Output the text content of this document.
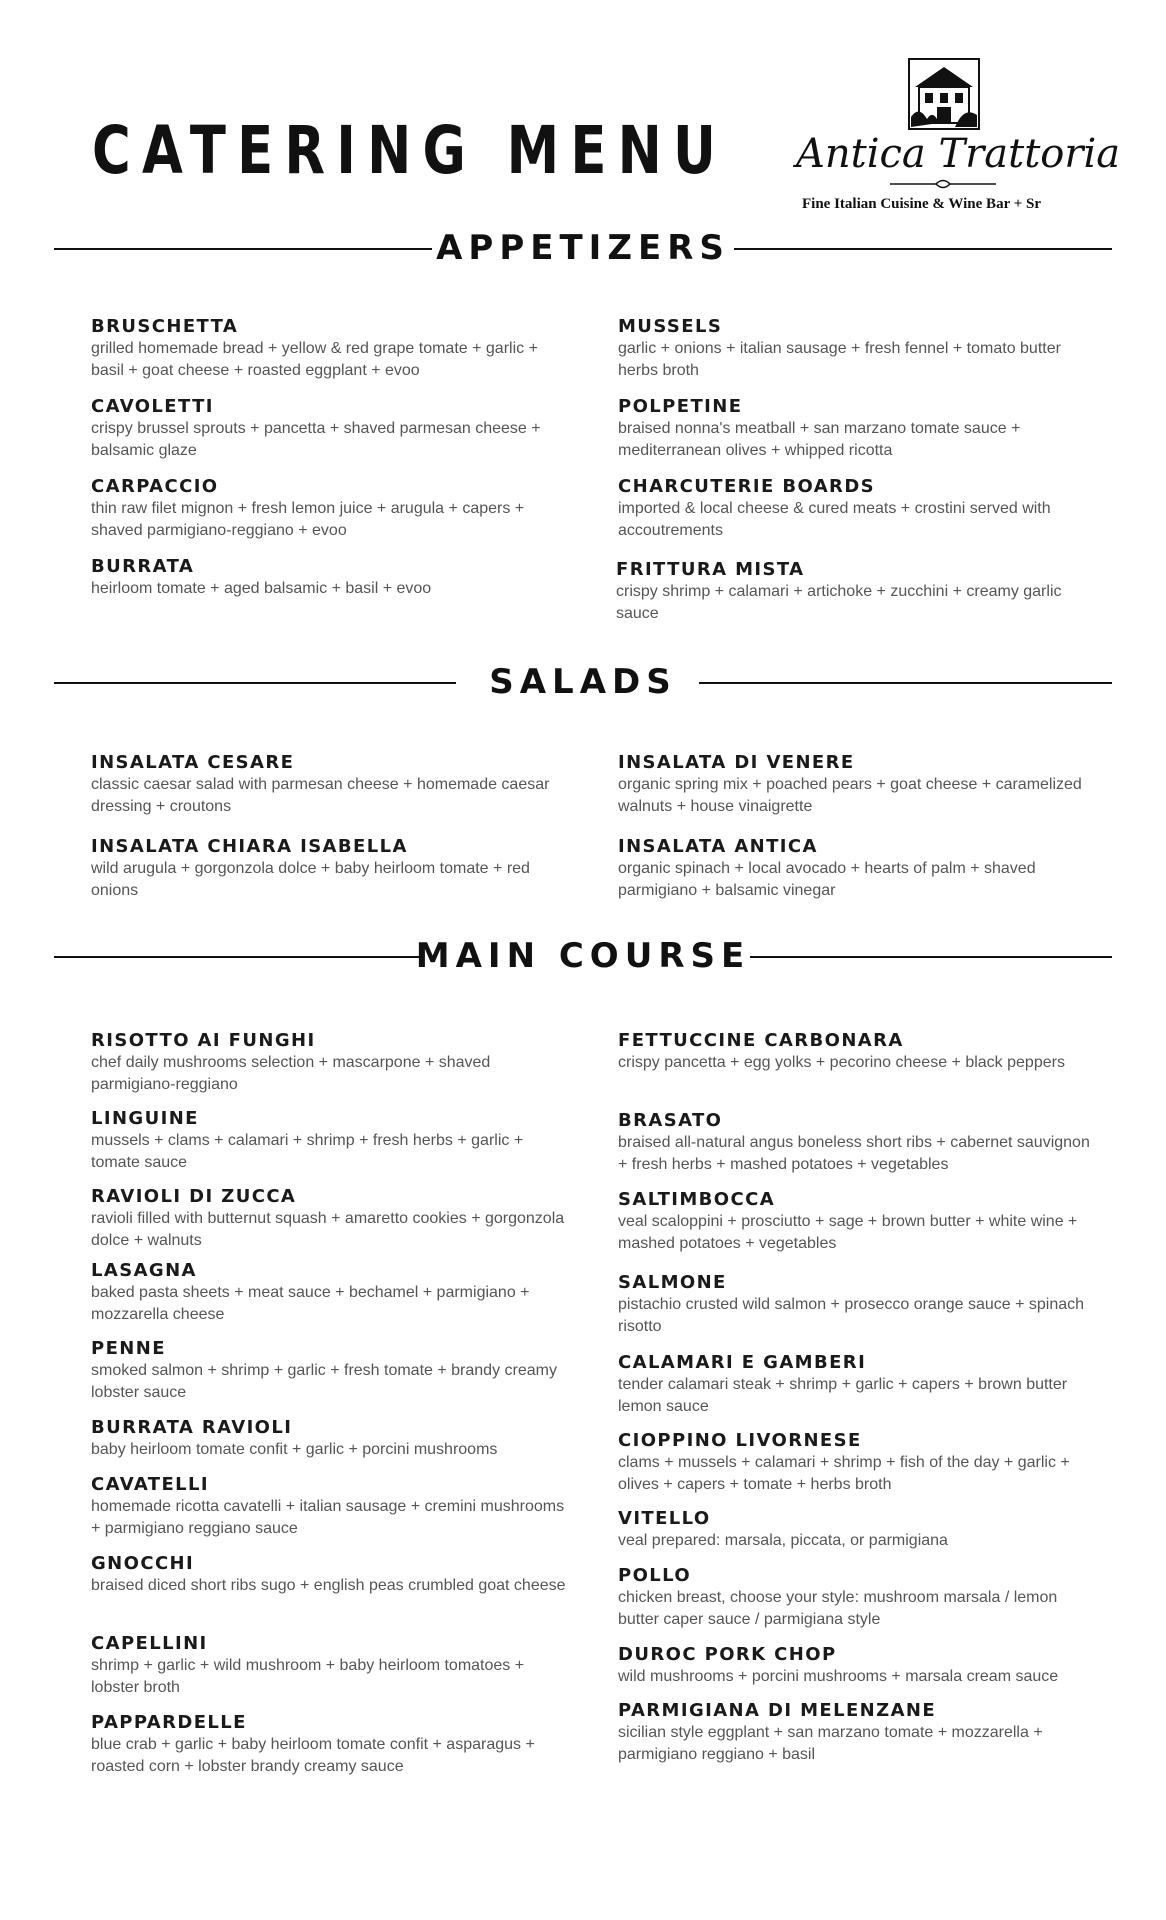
CATERING MENU Antica Trattoria
Fine Italian Cuisine & Wine Bar + Sr
APPETIZERS
BRUSCHETTA
grilled homemade bread + yellow & red grape tomate + garlic + basil + goat cheese + roasted eggplant + evoo
CAVOLETTI
crispy brussel sprouts + pancetta + shaved parmesan cheese + balsamic glaze
CARPACCIO
thin raw filet mignon + fresh lemon juice + arugula + capers + shaved parmigiano-reggiano + evoo
BURRATA
heirloom tomate + aged balsamic + basil + evoo
MUSSELS
garlic + onions + italian sausage + fresh fennel + tomato butter herbs broth
POLPETINE
braised nonna's meatball + san marzano tomate sauce + mediterranean olives + whipped ricotta
CHARCUTERIE BOARDS
imported & local cheese & cured meats + crostini served with accoutrements
FRITTURA MISTA
crispy shrimp + calamari + artichoke + zucchini + creamy garlic sauce
SALADS
INSALATA CESARE
classic caesar salad with parmesan cheese + homemade caesar dressing + croutons
INSALATA CHIARA ISABELLA
wild arugula + gorgonzola dolce + baby heirloom tomate + red onions
INSALATA DI VENERE
organic spring mix + poached pears + goat cheese + caramelized walnuts + house vinaigrette
INSALATA ANTICA
organic spinach + local avocado + hearts of palm + shaved parmigiano + balsamic vinegar
MAIN COURSE
RISOTTO AI FUNGHI
chef daily mushrooms selection + mascarpone + shaved parmigiano-reggiano
LINGUINE
mussels + clams + calamari + shrimp + fresh herbs + garlic + tomate sauce
RAVIOLI DI ZUCCA
ravioli filled with butternut squash + amaretto cookies + gorgonzola dolce + walnuts
LASAGNA
baked pasta sheets + meat sauce + bechamel + parmigiano + mozzarella cheese
PENNE
smoked salmon + shrimp + garlic + fresh tomate + brandy creamy lobster sauce
BURRATA RAVIOLI
baby heirloom tomate confit + garlic + porcini mushrooms
CAVATELLI
homemade ricotta cavatelli + italian sausage + cremini mushrooms + parmigiano reggiano sauce
GNOCCHI
braised diced short ribs sugo + english peas crumbled goat cheese
CAPELLINI
shrimp + garlic + wild mushroom + baby heirloom tomatoes + lobster broth
PAPPARDELLE
blue crab + garlic + baby heirloom tomate confit + asparagus + roasted corn + lobster brandy creamy sauce
FETTUCCINE CARBONARA
crispy pancetta + egg yolks + pecorino cheese + black peppers
BRASATO
braised all-natural angus boneless short ribs + cabernet sauvignon + fresh herbs + mashed potatoes + vegetables
SALTIMBOCCA
veal scaloppini + prosciutto + sage + brown butter + white wine + mashed potatoes + vegetables
SALMONE
pistachio crusted wild salmon + prosecco orange sauce + spinach risotto
CALAMARI E GAMBERI
tender calamari steak + shrimp + garlic + capers + brown butter lemon sauce
CIOPPINO LIVORNESE
clams + mussels + calamari + shrimp + fish of the day + garlic + olives + capers + tomate + herbs broth
VITELLO
veal prepared: marsala, piccata, or parmigiana
POLLO
chicken breast, choose your style: mushroom marsala / lemon butter caper sauce / parmigiana style
DUROC PORK CHOP
wild mushrooms + porcini mushrooms + marsala cream sauce
PARMIGIANA DI MELENZANE
sicilian style eggplant + san marzano tomate + mozzarella + parmigiano reggiano + basil
